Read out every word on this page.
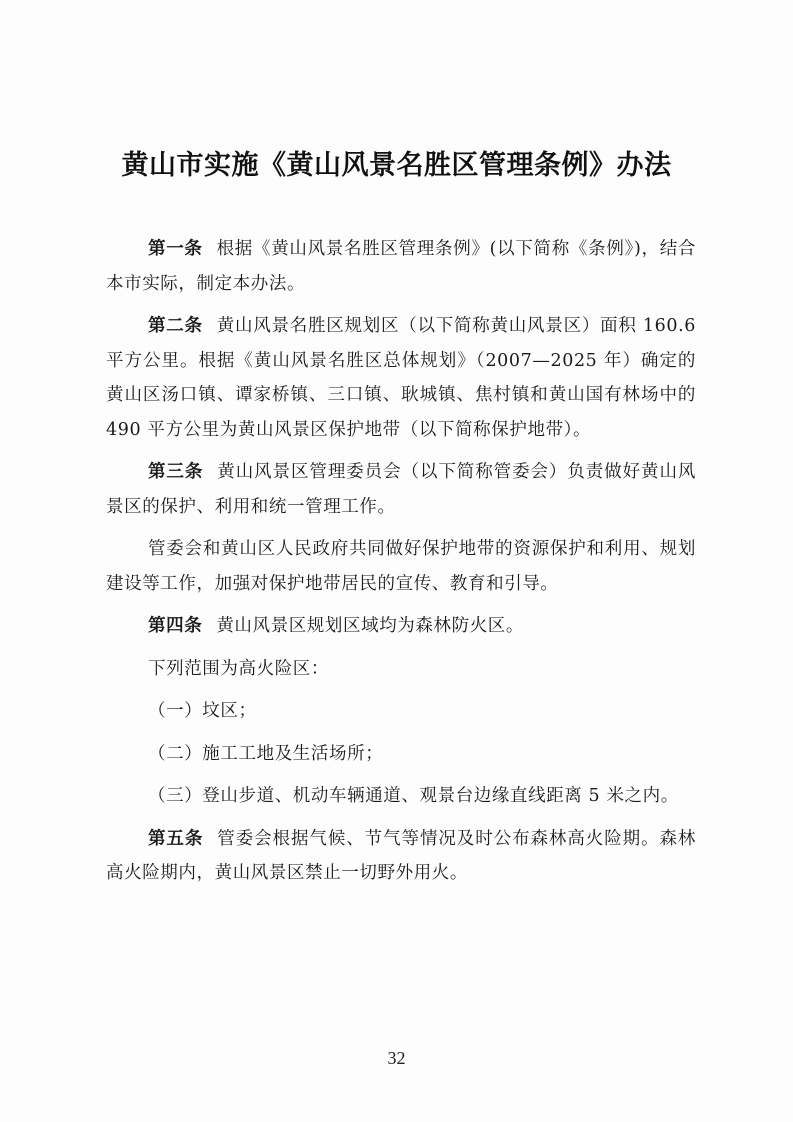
黄山市实施《黄山风景名胜区管理条例》办法

第一条 根据《黄山风景名胜区管理条例》(以下简称《条例》)，结合本市实际，制定本办法。

第二条 黄山风景名胜区规划区（以下简称黄山风景区）面积 160.6 平方公里。根据《黄山风景名胜区总体规划》（2007—2025 年）确定的黄山区汤口镇、谭家桥镇、三口镇、耿城镇、焦村镇和黄山国有林场中的 490 平方公里为黄山风景区保护地带（以下简称保护地带）。

第三条 黄山风景区管理委员会（以下简称管委会）负责做好黄山风景区的保护、利用和统一管理工作。

管委会和黄山区人民政府共同做好保护地带的资源保护和利用、规划建设等工作，加强对保护地带居民的宣传、教育和引导。

第四条 黄山风景区规划区域均为森林防火区。

下列范围为高火险区：

（一）坟区；

（二）施工工地及生活场所；

（三）登山步道、机动车辆通道、观景台边缘直线距离 5 米之内。

第五条 管委会根据气候、节气等情况及时公布森林高火险期。森林高火险期内，黄山风景区禁止一切野外用火。

32
